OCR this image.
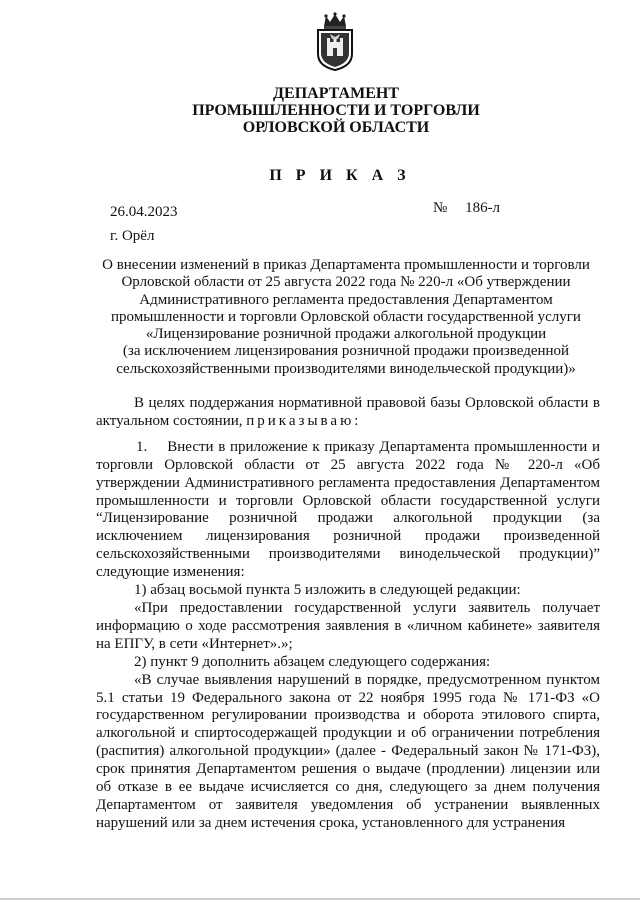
ДЕПАРТАМЕНТ
ПРОМЫШЛЕННОСТИ И ТОРГОВЛИ
ОРЛОВСКОЙ ОБЛАСТИ
П Р И К А З
26.04.2023	№ 186-л
г. Орёл
О внесении изменений в приказ Департамента промышленности и торговли
Орловской области от 25 августа 2022 года № 220-л «Об утверждении
Административного регламента предоставления Департаментом
промышленности и торговли Орловской области государственной услуги
«Лицензирование розничной продажи алкогольной продукции
(за исключением лицензирования розничной продажи произведенной
сельскохозяйственными производителями винодельческой продукции)»

В целях поддержания нормативной правовой базы Орловской области в актуальном состоянии, приказываю:

1. Внести в приложение к приказу Департамента промышленности и торговли Орловской области от 25 августа 2022 года № 220-л «Об утверждении Административного регламента предоставления Департаментом промышленности и торговли Орловской области государственной услуги “Лицензирование розничной продажи алкогольной продукции (за исключением лицензирования розничной продажи произведенной сельскохозяйственными производителями винодельческой продукции)” следующие изменения:

1) абзац восьмой пункта 5 изложить в следующей редакции:

«При предоставлении государственной услуги заявитель получает информацию о ходе рассмотрения заявления в «личном кабинете» заявителя на ЕПГУ, в сети «Интернет».»;

2) пункт 9 дополнить абзацем следующего содержания:

«В случае выявления нарушений в порядке, предусмотренном пунктом 5.1 статьи 19 Федерального закона от 22 ноября 1995 года № 171-ФЗ «О государственном регулировании производства и оборота этилового спирта, алкогольной и спиртосодержащей продукции и об ограничении потребления (распития) алкогольной продукции» (далее - Федеральный закон № 171-ФЗ), срок принятия Департаментом решения о выдаче (продлении) лицензии или об отказе в ее выдаче исчисляется со дня, следующего за днем получения Департаментом от заявителя уведомления об устранении выявленных нарушений или за днем истечения срока, установленного для устранения
